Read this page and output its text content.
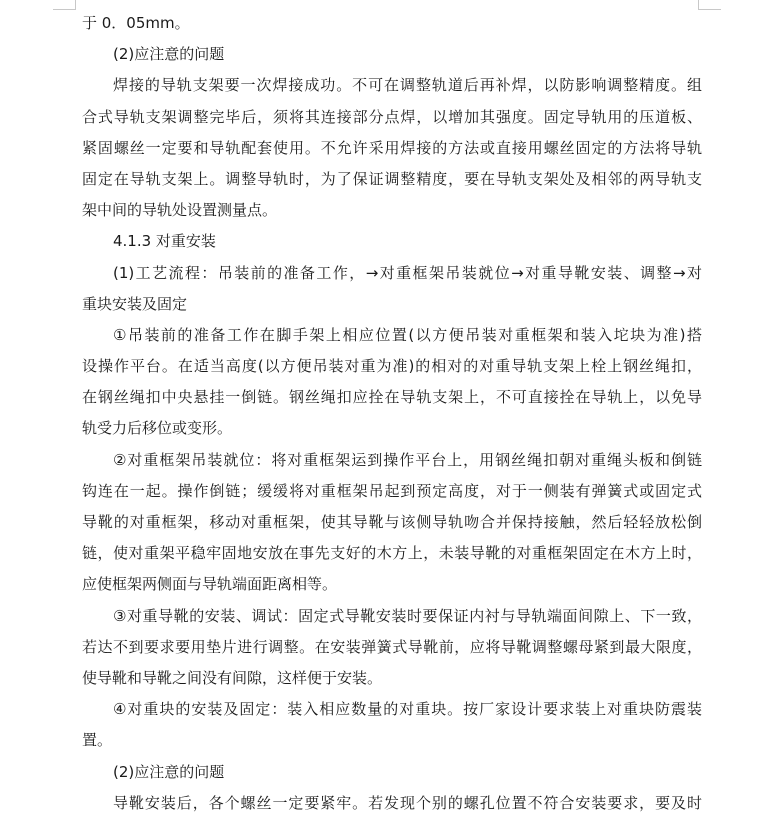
于 0．05mm。

(2)应注意的问题

焊接的导轨支架要一次焊接成功。不可在调整轨道后再补焊，以防影响调整精度。组

合式导轨支架调整完毕后，须将其连接部分点焊，以增加其强度。固定导轨用的压道板、

紧固螺丝一定要和导轨配套使用。不允许采用焊接的方法或直接用螺丝固定的方法将导轨

固定在导轨支架上。调整导轨时，为了保证调整精度，要在导轨支架处及相邻的两导轨支

架中间的导轨处设置测量点。

4.1.3 对重安装

(1)工艺流程：吊装前的准备工作，→对重框架吊装就位→对重导靴安装、调整→对

重块安装及固定

①吊装前的准备工作在脚手架上相应位置(以方便吊装对重框架和装入坨块为准)搭

设操作平台。在适当高度(以方便吊装对重为准)的相对的对重导轨支架上栓上钢丝绳扣，

在钢丝绳扣中央悬挂一倒链。钢丝绳扣应拴在导轨支架上，不可直接拴在导轨上，以免导

轨受力后移位或变形。

②对重框架吊装就位：将对重框架运到操作平台上，用钢丝绳扣朝对重绳头板和倒链

钩连在一起。操作倒链；缓缓将对重框架吊起到预定高度，对于一侧装有弹簧式或固定式

导靴的对重框架，移动对重框架，使其导靴与该侧导轨吻合并保持接触，然后轻轻放松倒

链，使对重架平稳牢固地安放在事先支好的木方上，未装导靴的对重框架固定在木方上时，

应使框架两侧面与导轨端面距离相等。

③对重导靴的安装、调试：固定式导靴安装时要保证内衬与导轨端面间隙上、下一致，

若达不到要求要用垫片进行调整。在安装弹簧式导靴前，应将导靴调整螺母紧到最大限度，

使导靴和导靴之间没有间隙，这样便于安装。

④对重块的安装及固定：装入相应数量的对重块。按厂家设计要求装上对重块防震装

置。

(2)应注意的问题

导靴安装后，各个螺丝一定要紧牢。若发现个别的螺孔位置不符合安装要求，要及时
